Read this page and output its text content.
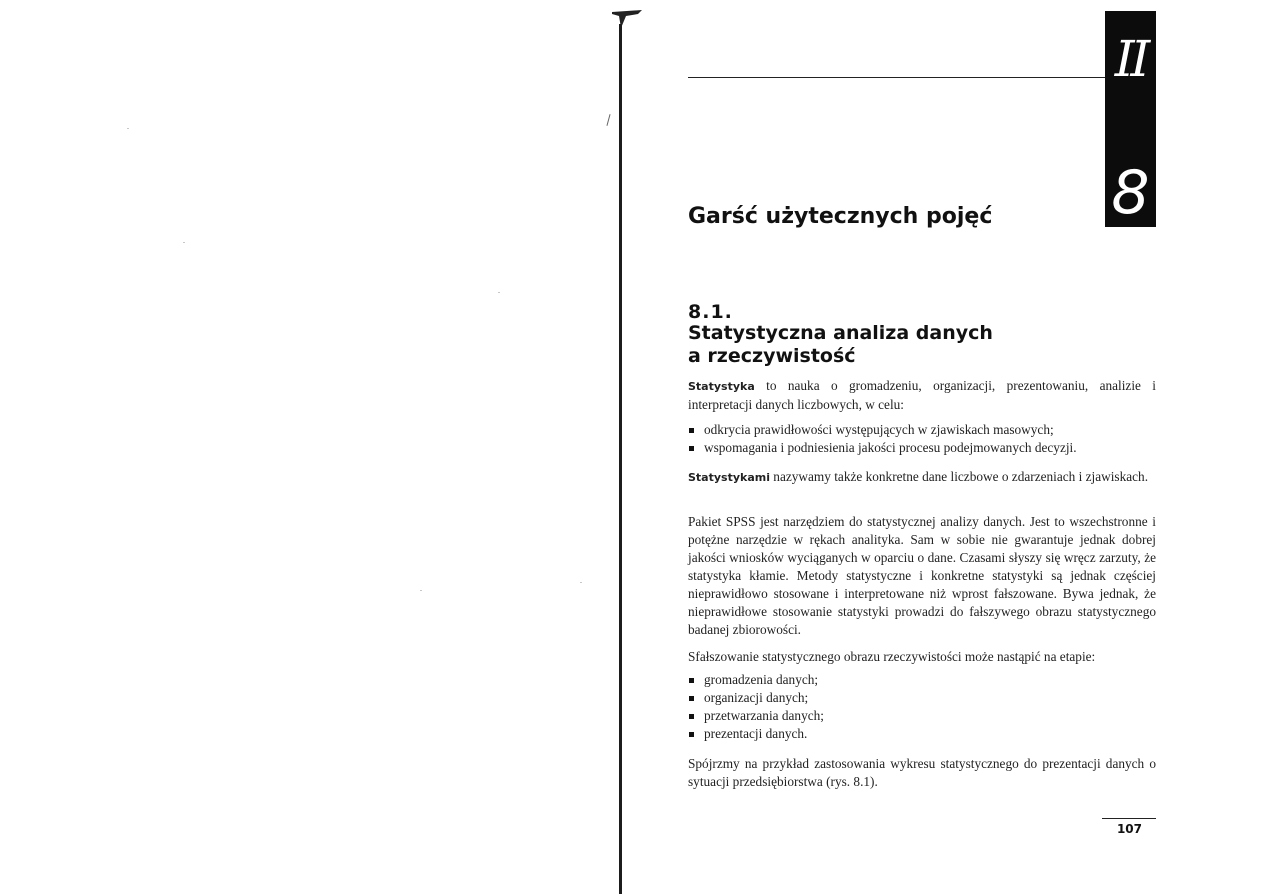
II
8
Garść użytecznych pojęć
8.1.
Statystyczna analiza danych
a rzeczywistość

Statystyka to nauka o gromadzeniu, organizacji, prezentowaniu, analizie i interpretacji danych liczbowych, w celu:

odkrycia prawidłowości występujących w zjawiskach masowych;
wspomagania i podniesienia jakości procesu podejmowanych decyzji.

Statystykami nazywamy także konkretne dane liczbowe o zdarzeniach i zjawiskach.

Pakiet SPSS jest narzędziem do statystycznej analizy danych. Jest to wszechstronne i potężne narzędzie w rękach analityka. Sam w sobie nie gwarantuje jednak dobrej jakości wniosków wyciąganych w oparciu o dane. Czasami słyszy się wręcz zarzuty, że statystyka kłamie. Metody statystyczne i konkretne statystyki są jednak częściej nieprawidłowo stosowane i interpretowane niż wprost fałszowane. Bywa jednak, że nieprawidłowe stosowanie statystyki prowadzi do fałszywego obrazu statystycznego badanej zbiorowości.

Sfałszowanie statystycznego obrazu rzeczywistości może nastąpić na etapie:

gromadzenia danych;
organizacji danych;
przetwarzania danych;
prezentacji danych.

Spójrzmy na przykład zastosowania wykresu statystycznego do prezentacji danych o sytuacji przedsiębiorstwa (rys. 8.1).

107
